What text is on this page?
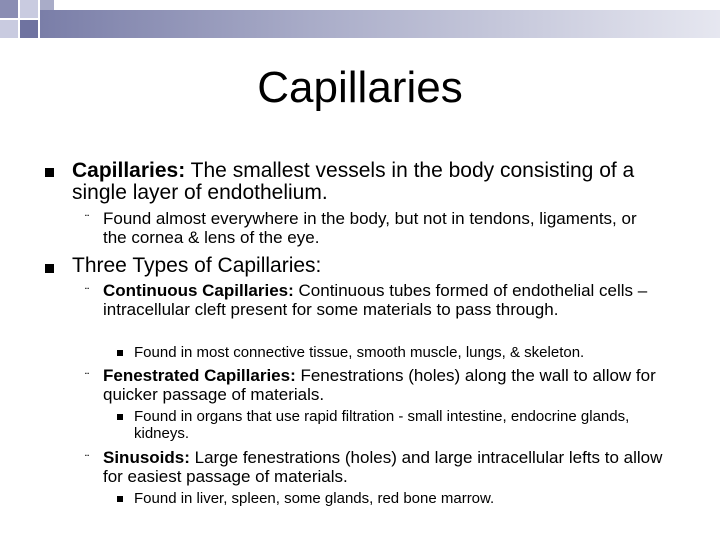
Capillaries
Capillaries: The smallest vessels in the body consisting of a single layer of endothelium.
¨ Found almost everywhere in the body, but not in tendons, ligaments, or the cornea & lens of the eye.
Three Types of Capillaries:
¨ Continuous Capillaries: Continuous tubes formed of endothelial cells – intracellular cleft present for some materials to pass through.
Found in most connective tissue, smooth muscle, lungs, & skeleton.
¨ Fenestrated Capillaries: Fenestrations (holes) along the wall to allow for quicker passage of materials.
Found in organs that use rapid filtration - small intestine, endocrine glands, kidneys.
¨ Sinusoids: Large fenestrations (holes) and large intracellular lefts to allow for easiest passage of materials.
Found in liver, spleen, some glands, red bone marrow.
